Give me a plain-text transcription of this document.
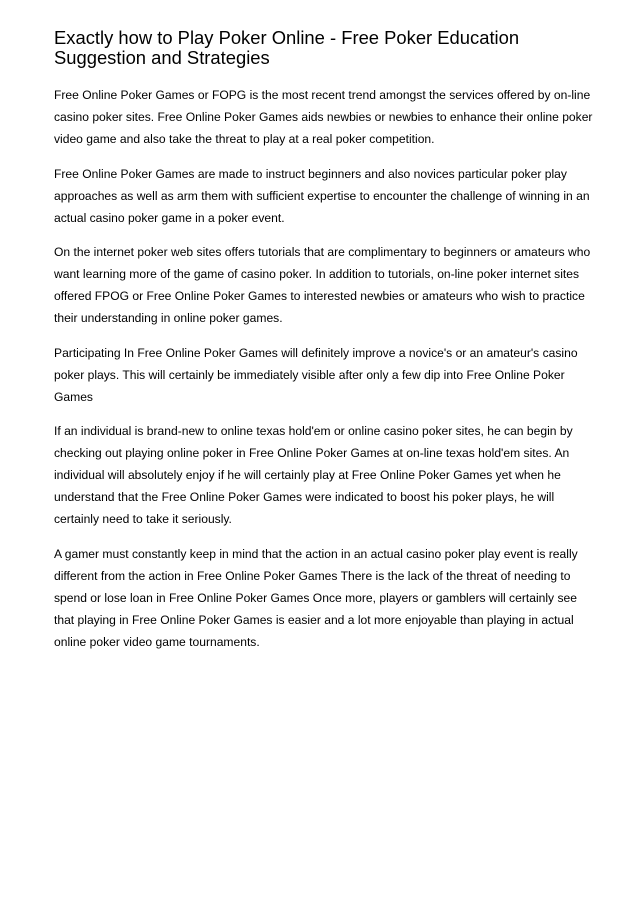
Exactly how to Play Poker Online - Free Poker Education Suggestion and Strategies

Free Online Poker Games or FOPG is the most recent trend amongst the services offered by on-line casino poker sites. Free Online Poker Games aids newbies or newbies to enhance their online poker video game and also take the threat to play at a real poker competition.

Free Online Poker Games are made to instruct beginners and also novices particular poker play approaches as well as arm them with sufficient expertise to encounter the challenge of winning in an actual casino poker game in a poker event.

On the internet poker web sites offers tutorials that are complimentary to beginners or amateurs who want learning more of the game of casino poker. In addition to tutorials, on-line poker internet sites offered FPOG or Free Online Poker Games to interested newbies or amateurs who wish to practice their understanding in online poker games.

Participating In Free Online Poker Games will definitely improve a novice's or an amateur's casino poker plays. This will certainly be immediately visible after only a few dip into Free Online Poker Games

If an individual is brand-new to online texas hold'em or online casino poker sites, he can begin by checking out playing online poker in Free Online Poker Games at on-line texas hold'em sites. An individual will absolutely enjoy if he will certainly play at Free Online Poker Games yet when he understand that the Free Online Poker Games were indicated to boost his poker plays, he will certainly need to take it seriously.

A gamer must constantly keep in mind that the action in an actual casino poker play event is really different from the action in Free Online Poker Games There is the lack of the threat of needing to spend or lose loan in Free Online Poker Games Once more, players or gamblers will certainly see that playing in Free Online Poker Games is easier and a lot more enjoyable than playing in actual online poker video game tournaments.
